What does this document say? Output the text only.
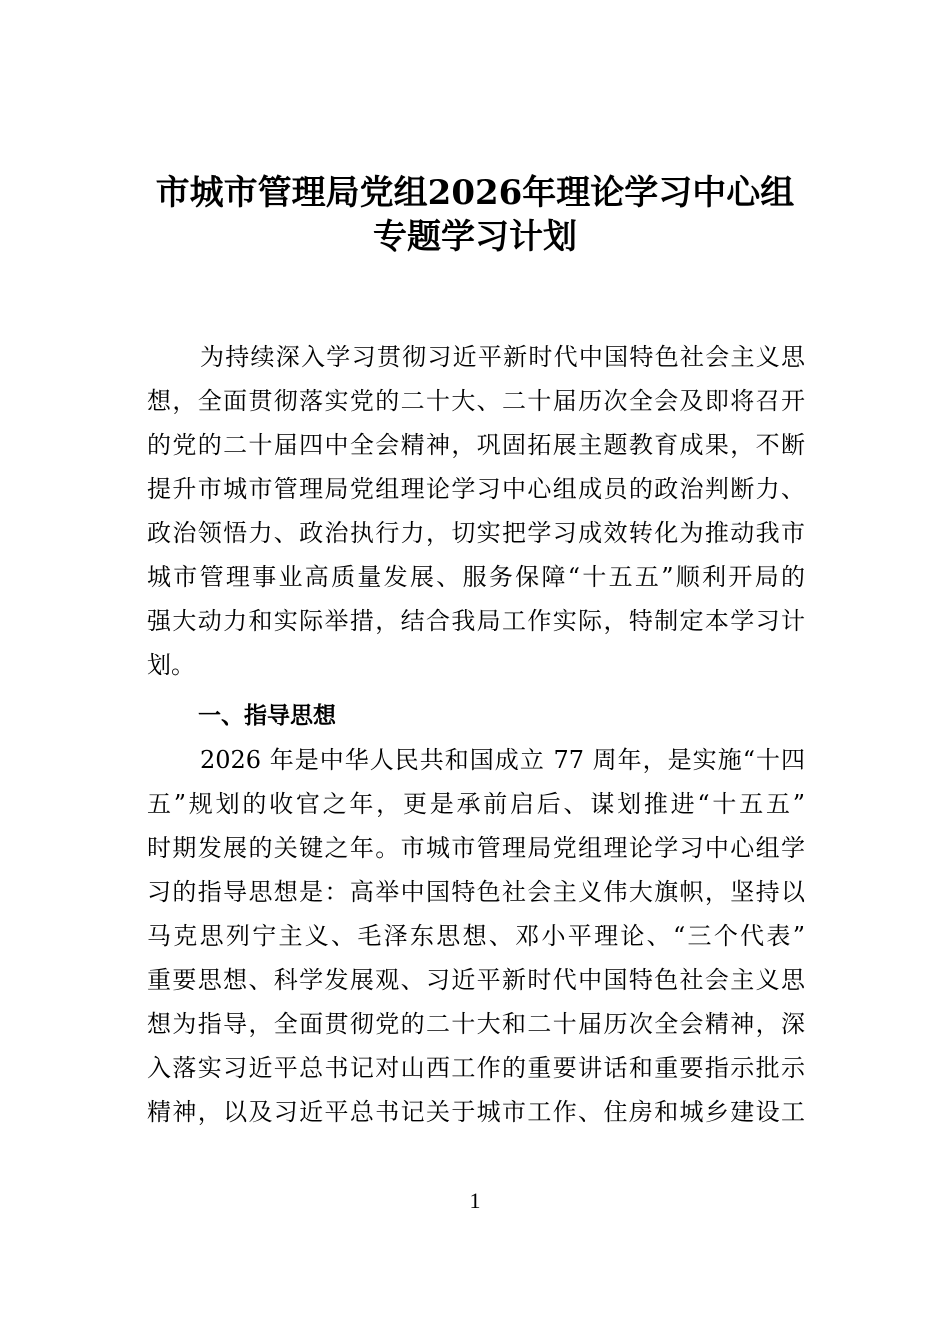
市城市管理局党组2026年理论学习中心组
专题学习计划
为持续深入学习贯彻习近平新时代中国特色社会主义思
想，全面贯彻落实党的二十大、二十届历次全会及即将召开
的党的二十届四中全会精神，巩固拓展主题教育成果，不断
提升市城市管理局党组理论学习中心组成员的政治判断力、
政治领悟力、政治执行力，切实把学习成效转化为推动我市
城市管理事业高质量发展、服务保障“十五五”顺利开局的
强大动力和实际举措，结合我局工作实际，特制定本学习计
划。
一、指导思想
2026 年是中华人民共和国成立 77 周年，是实施“十四
五”规划的收官之年，更是承前启后、谋划推进“十五五”
时期发展的关键之年。市城市管理局党组理论学习中心组学
习的指导思想是：高举中国特色社会主义伟大旗帜，坚持以
马克思列宁主义、毛泽东思想、邓小平理论、“三个代表”
重要思想、科学发展观、习近平新时代中国特色社会主义思
想为指导，全面贯彻党的二十大和二十届历次全会精神，深
入落实习近平总书记对山西工作的重要讲话和重要指示批示
精神，以及习近平总书记关于城市工作、住房和城乡建设工
1
